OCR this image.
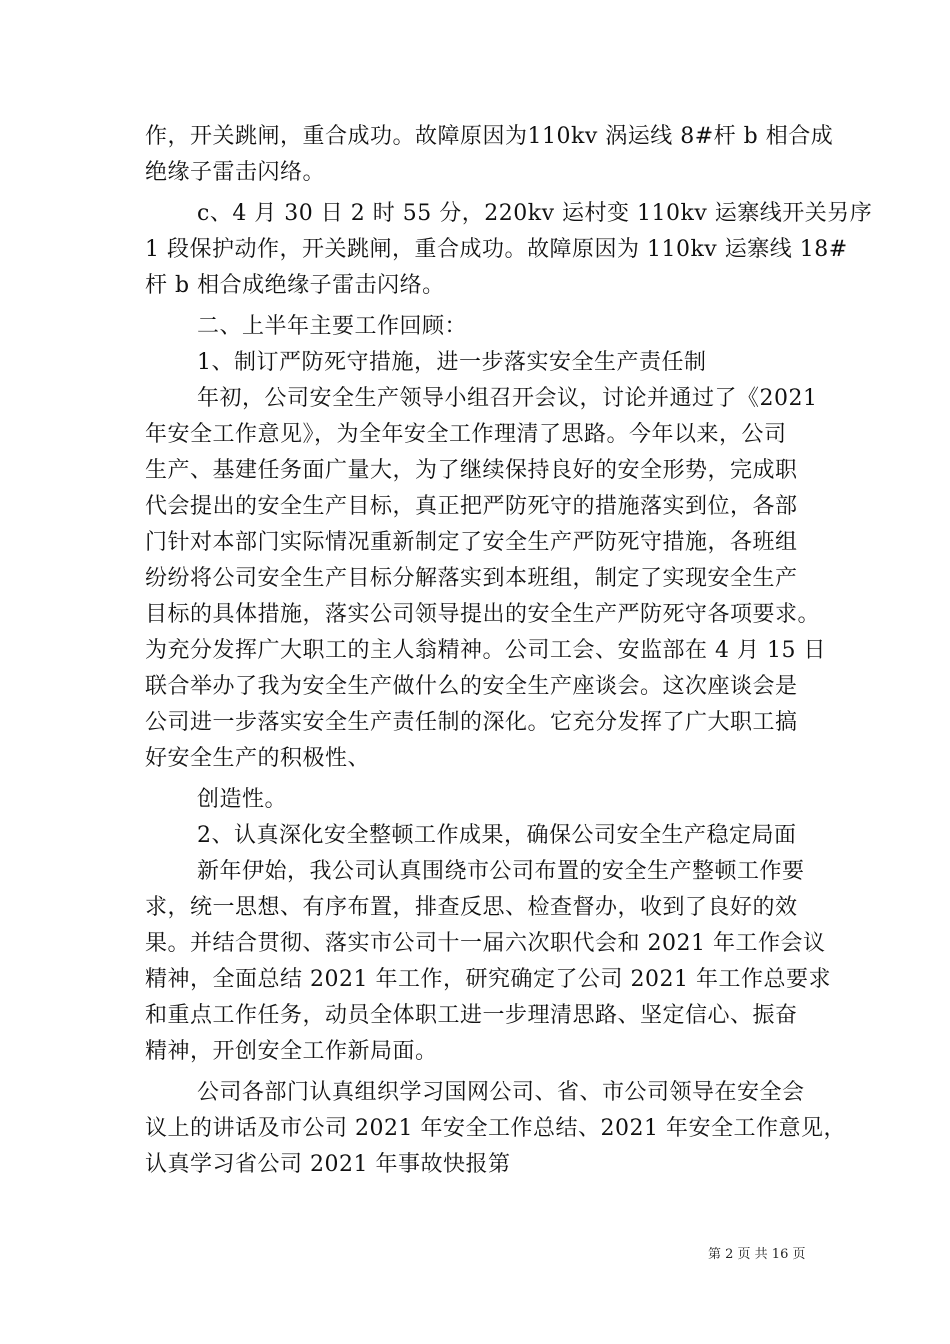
作，开关跳闸，重合成功。故障原因为110kv 涡运线 8#杆 b 相合成
绝缘子雷击闪络。
c、4 月 30 日 2 时 55 分，220kv 运村变 110kv 运寨线开关另序
1 段保护动作，开关跳闸，重合成功。故障原因为 110kv 运寨线 18#
杆 b 相合成绝缘子雷击闪络。
二、上半年主要工作回顾：
1、制订严防死守措施，进一步落实安全生产责任制
年初，公司安全生产领导小组召开会议，讨论并通过了《2021
年安全工作意见》，为全年安全工作理清了思路。今年以来，公司
生产、基建任务面广量大，为了继续保持良好的安全形势，完成职
代会提出的安全生产目标，真正把严防死守的措施落实到位，各部
门针对本部门实际情况重新制定了安全生产严防死守措施，各班组
纷纷将公司安全生产目标分解落实到本班组，制定了实现安全生产
目标的具体措施，落实公司领导提出的安全生产严防死守各项要求。
为充分发挥广大职工的主人翁精神。公司工会、安监部在 4 月 15 日
联合举办了我为安全生产做什么的安全生产座谈会。这次座谈会是
公司进一步落实安全生产责任制的深化。它充分发挥了广大职工搞
好安全生产的积极性、
创造性。
2、认真深化安全整顿工作成果，确保公司安全生产稳定局面
新年伊始，我公司认真围绕市公司布置的安全生产整顿工作要
求，统一思想、有序布置，排查反思、检查督办，收到了良好的效
果。并结合贯彻、落实市公司十一届六次职代会和 2021 年工作会议
精神，全面总结 2021 年工作，研究确定了公司 2021 年工作总要求
和重点工作任务，动员全体职工进一步理清思路、坚定信心、振奋
精神，开创安全工作新局面。
公司各部门认真组织学习国网公司、省、市公司领导在安全会
议上的讲话及市公司 2021 年安全工作总结、2021 年安全工作意见，
认真学习省公司 2021 年事故快报第
第 2 页 共 16 页
